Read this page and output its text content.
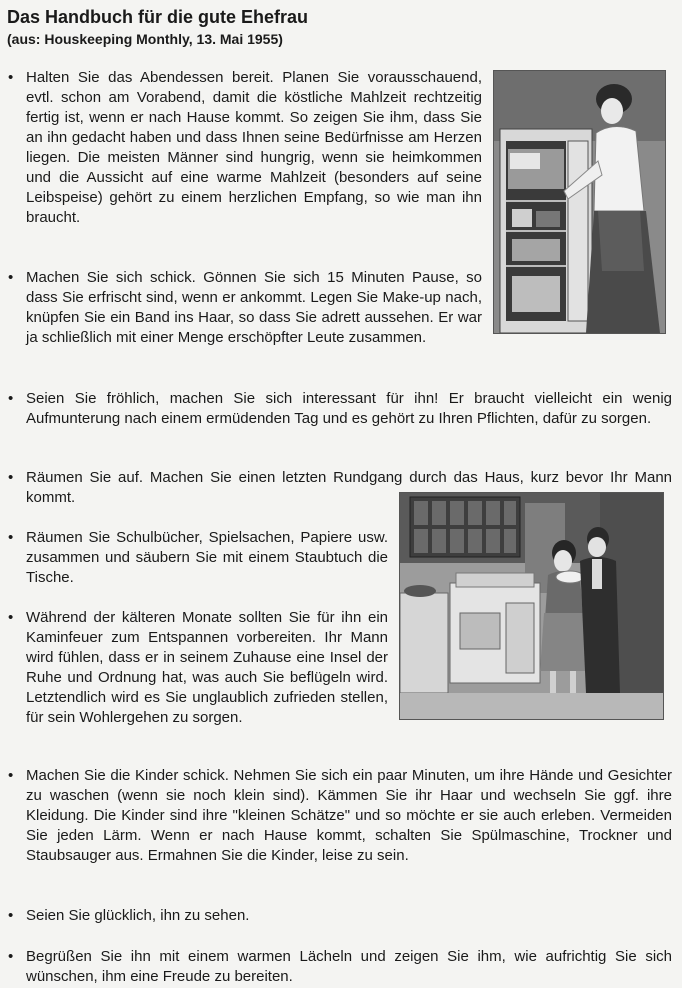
Das Handbuch für die gute Ehefrau
(aus: Houskeeping Monthly, 13. Mai 1955)
• Halten Sie das Abendessen bereit. Planen Sie vorausschauend, evtl. schon am Vorabend, damit die köstliche Mahlzeit rechtzeitig fertig ist, wenn er nach Hause kommt. So zeigen Sie ihm, dass Sie an ihn gedacht haben und dass Ihnen seine Bedürfnisse am Herzen liegen. Die meisten Männer sind hungrig, wenn sie heimkommen und die Aussicht auf eine warme Mahlzeit (besonders auf seine Leibspeise) gehört zu einem herzlichen Empfang, so wie man ihn braucht.
• Machen Sie sich schick. Gönnen Sie sich 15 Minuten Pause, so dass Sie erfrischt sind, wenn er ankommt. Legen Sie Make-up nach, knüpfen Sie ein Band ins Haar, so dass Sie adrett aussehen. Er war ja schließlich mit einer Menge erschöpfter Leute zusammen.
• Seien Sie fröhlich, machen Sie sich interessant für ihn! Er braucht vielleicht ein wenig Aufmunterung nach einem ermüdenden Tag und es gehört zu Ihren Pflichten, dafür zu sorgen.
• Räumen Sie auf. Machen Sie einen letzten Rundgang durch das Haus, kurz bevor Ihr Mann kommt.
• Räumen Sie Schulbücher, Spielsachen, Papiere usw. zusammen und säubern Sie mit einem Staubtuch die Tische.
• Während der kälteren Monate sollten Sie für ihn ein Kaminfeuer zum Entspannen vorbereiten. Ihr Mann wird fühlen, dass er in seinem Zuhause eine Insel der Ruhe und Ordnung hat, was auch Sie beflügeln wird. Letztendlich wird es Sie unglaublich zufrieden stellen, für sein Wohlergehen zu sorgen.
• Machen Sie die Kinder schick. Nehmen Sie sich ein paar Minuten, um ihre Hände und Gesichter zu waschen (wenn sie noch klein sind). Kämmen Sie ihr Haar und wechseln Sie ggf. ihre Kleidung. Die Kinder sind ihre "kleinen Schätze" und so möchte er sie auch erleben. Vermeiden Sie jeden Lärm. Wenn er nach Hause kommt, schalten Sie Spülmaschine, Trockner und Staubsauger aus. Ermahnen Sie die Kinder, leise zu sein.
• Seien Sie glücklich, ihn zu sehen.
• Begrüßen Sie ihn mit einem warmen Lächeln und zeigen Sie ihm, wie aufrichtig Sie sich wünschen, ihm eine Freude zu bereiten.
